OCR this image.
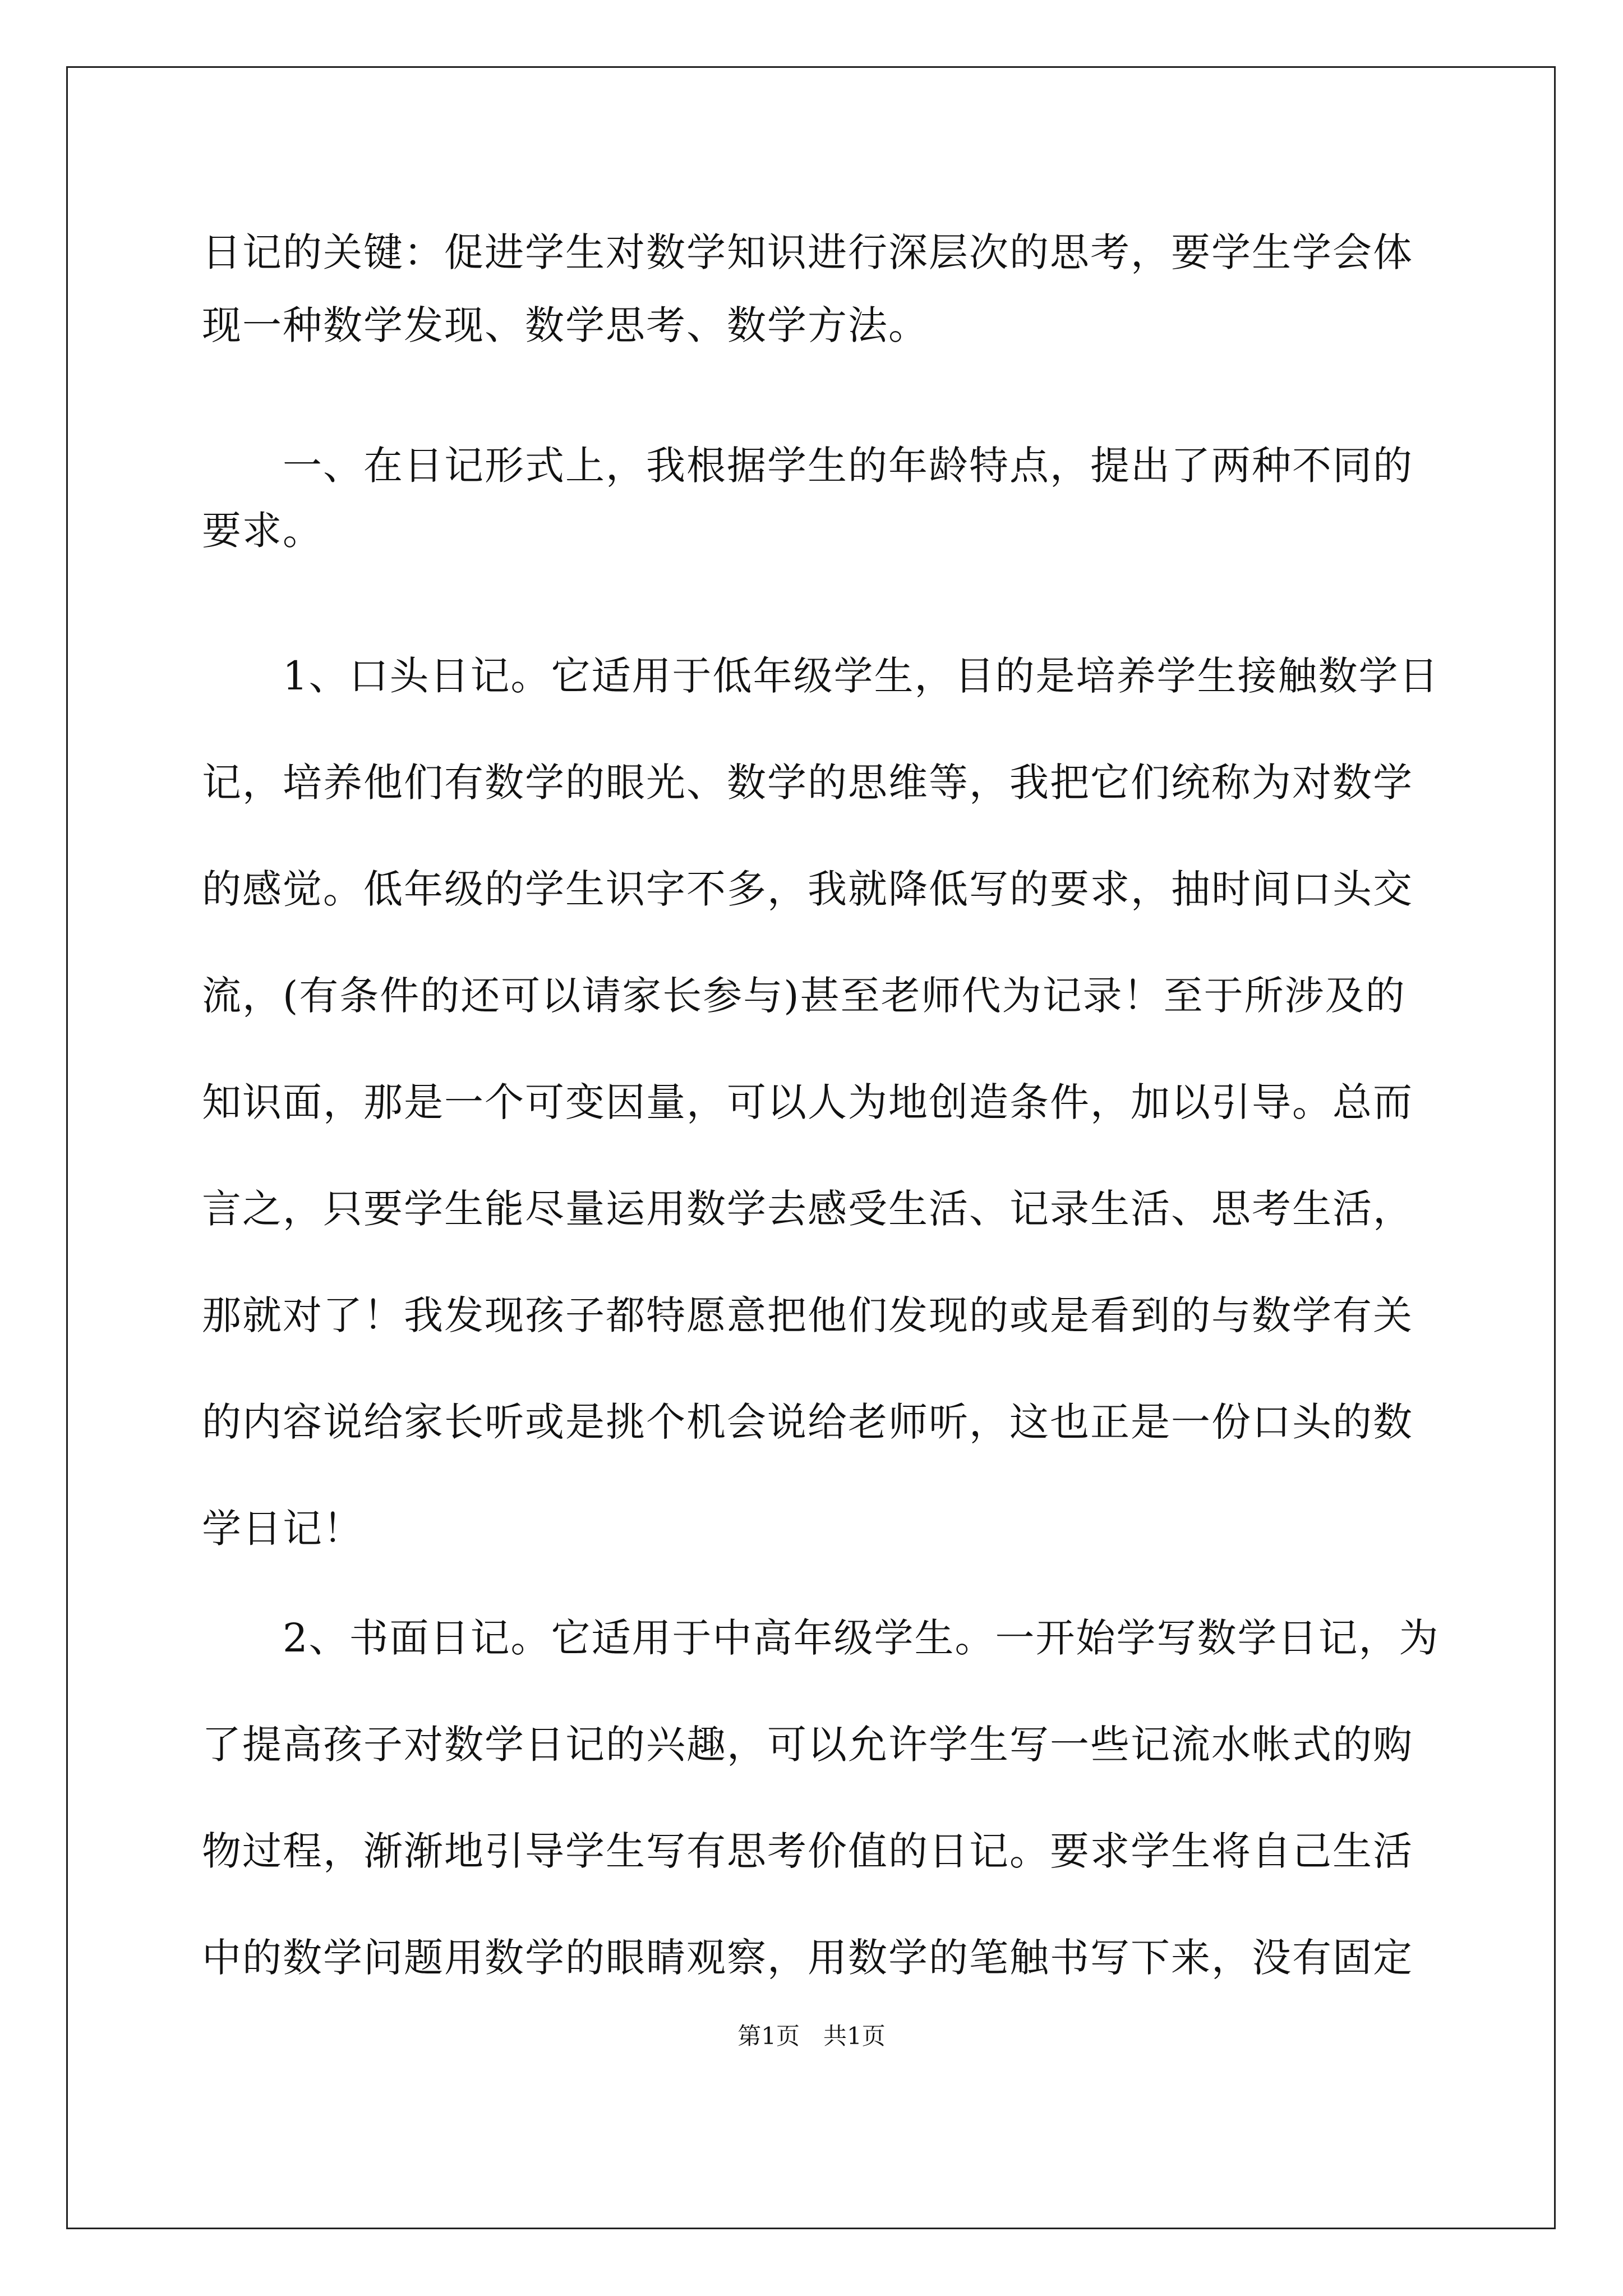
日记的关键：促进学生对数学知识进行深层次的思考，要学生学会体
现一种数学发现、数学思考、数学方法。
　　一、在日记形式上，我根据学生的年龄特点，提出了两种不同的
要求。
　　1、口头日记。它适用于低年级学生，目的是培养学生接触数学日
记，培养他们有数学的眼光、数学的思维等，我把它们统称为对数学
的感觉。低年级的学生识字不多，我就降低写的要求，抽时间口头交
流，(有条件的还可以请家长参与)甚至老师代为记录！至于所涉及的
知识面，那是一个可变因量，可以人为地创造条件，加以引导。总而
言之，只要学生能尽量运用数学去感受生活、记录生活、思考生活，
那就对了！我发现孩子都特愿意把他们发现的或是看到的与数学有关
的内容说给家长听或是挑个机会说给老师听，这也正是一份口头的数
学日记！
　　2、书面日记。它适用于中高年级学生。一开始学写数学日记，为
了提高孩子对数学日记的兴趣，可以允许学生写一些记流水帐式的购
物过程，渐渐地引导学生写有思考价值的日记。要求学生将自己生活
中的数学问题用数学的眼睛观察，用数学的笔触书写下来，没有固定
第1页　共1页
